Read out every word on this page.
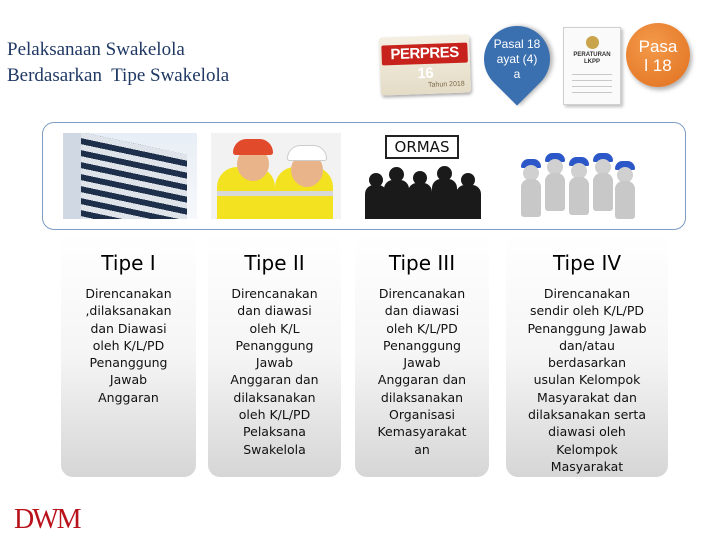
Pelaksanaan Swakelola
Berdasarkan  Tipe Swakelola
PERPRES 16
Tahun 2018
Pasal 18
ayat (4)
a
PERATURAN
LKPP
Pasa
l 18
ORMAS
Tipe I
Direncanakan
,dilaksanakan
dan Diawasi
oleh K/L/PD
Penanggung
Jawab
Anggaran
Tipe II
Direncanakan
dan diawasi
oleh K/L
Penanggung
Jawab
Anggaran dan
dilaksanakan
oleh K/L/PD
Pelaksana
Swakelola
Tipe III
Direncanakan
dan diawasi
oleh K/L/PD
Penanggung
Jawab
Anggaran dan
dilaksanakan
Organisasi
Kemasyarakat
an
Tipe IV
Direncanakan
sendir oleh K/L/PD
Penanggung Jawab
dan/atau
berdasarkan
usulan Kelompok
Masyarakat dan
dilaksanakan serta
diawasi oleh
Kelompok
Masyarakat
DWM
